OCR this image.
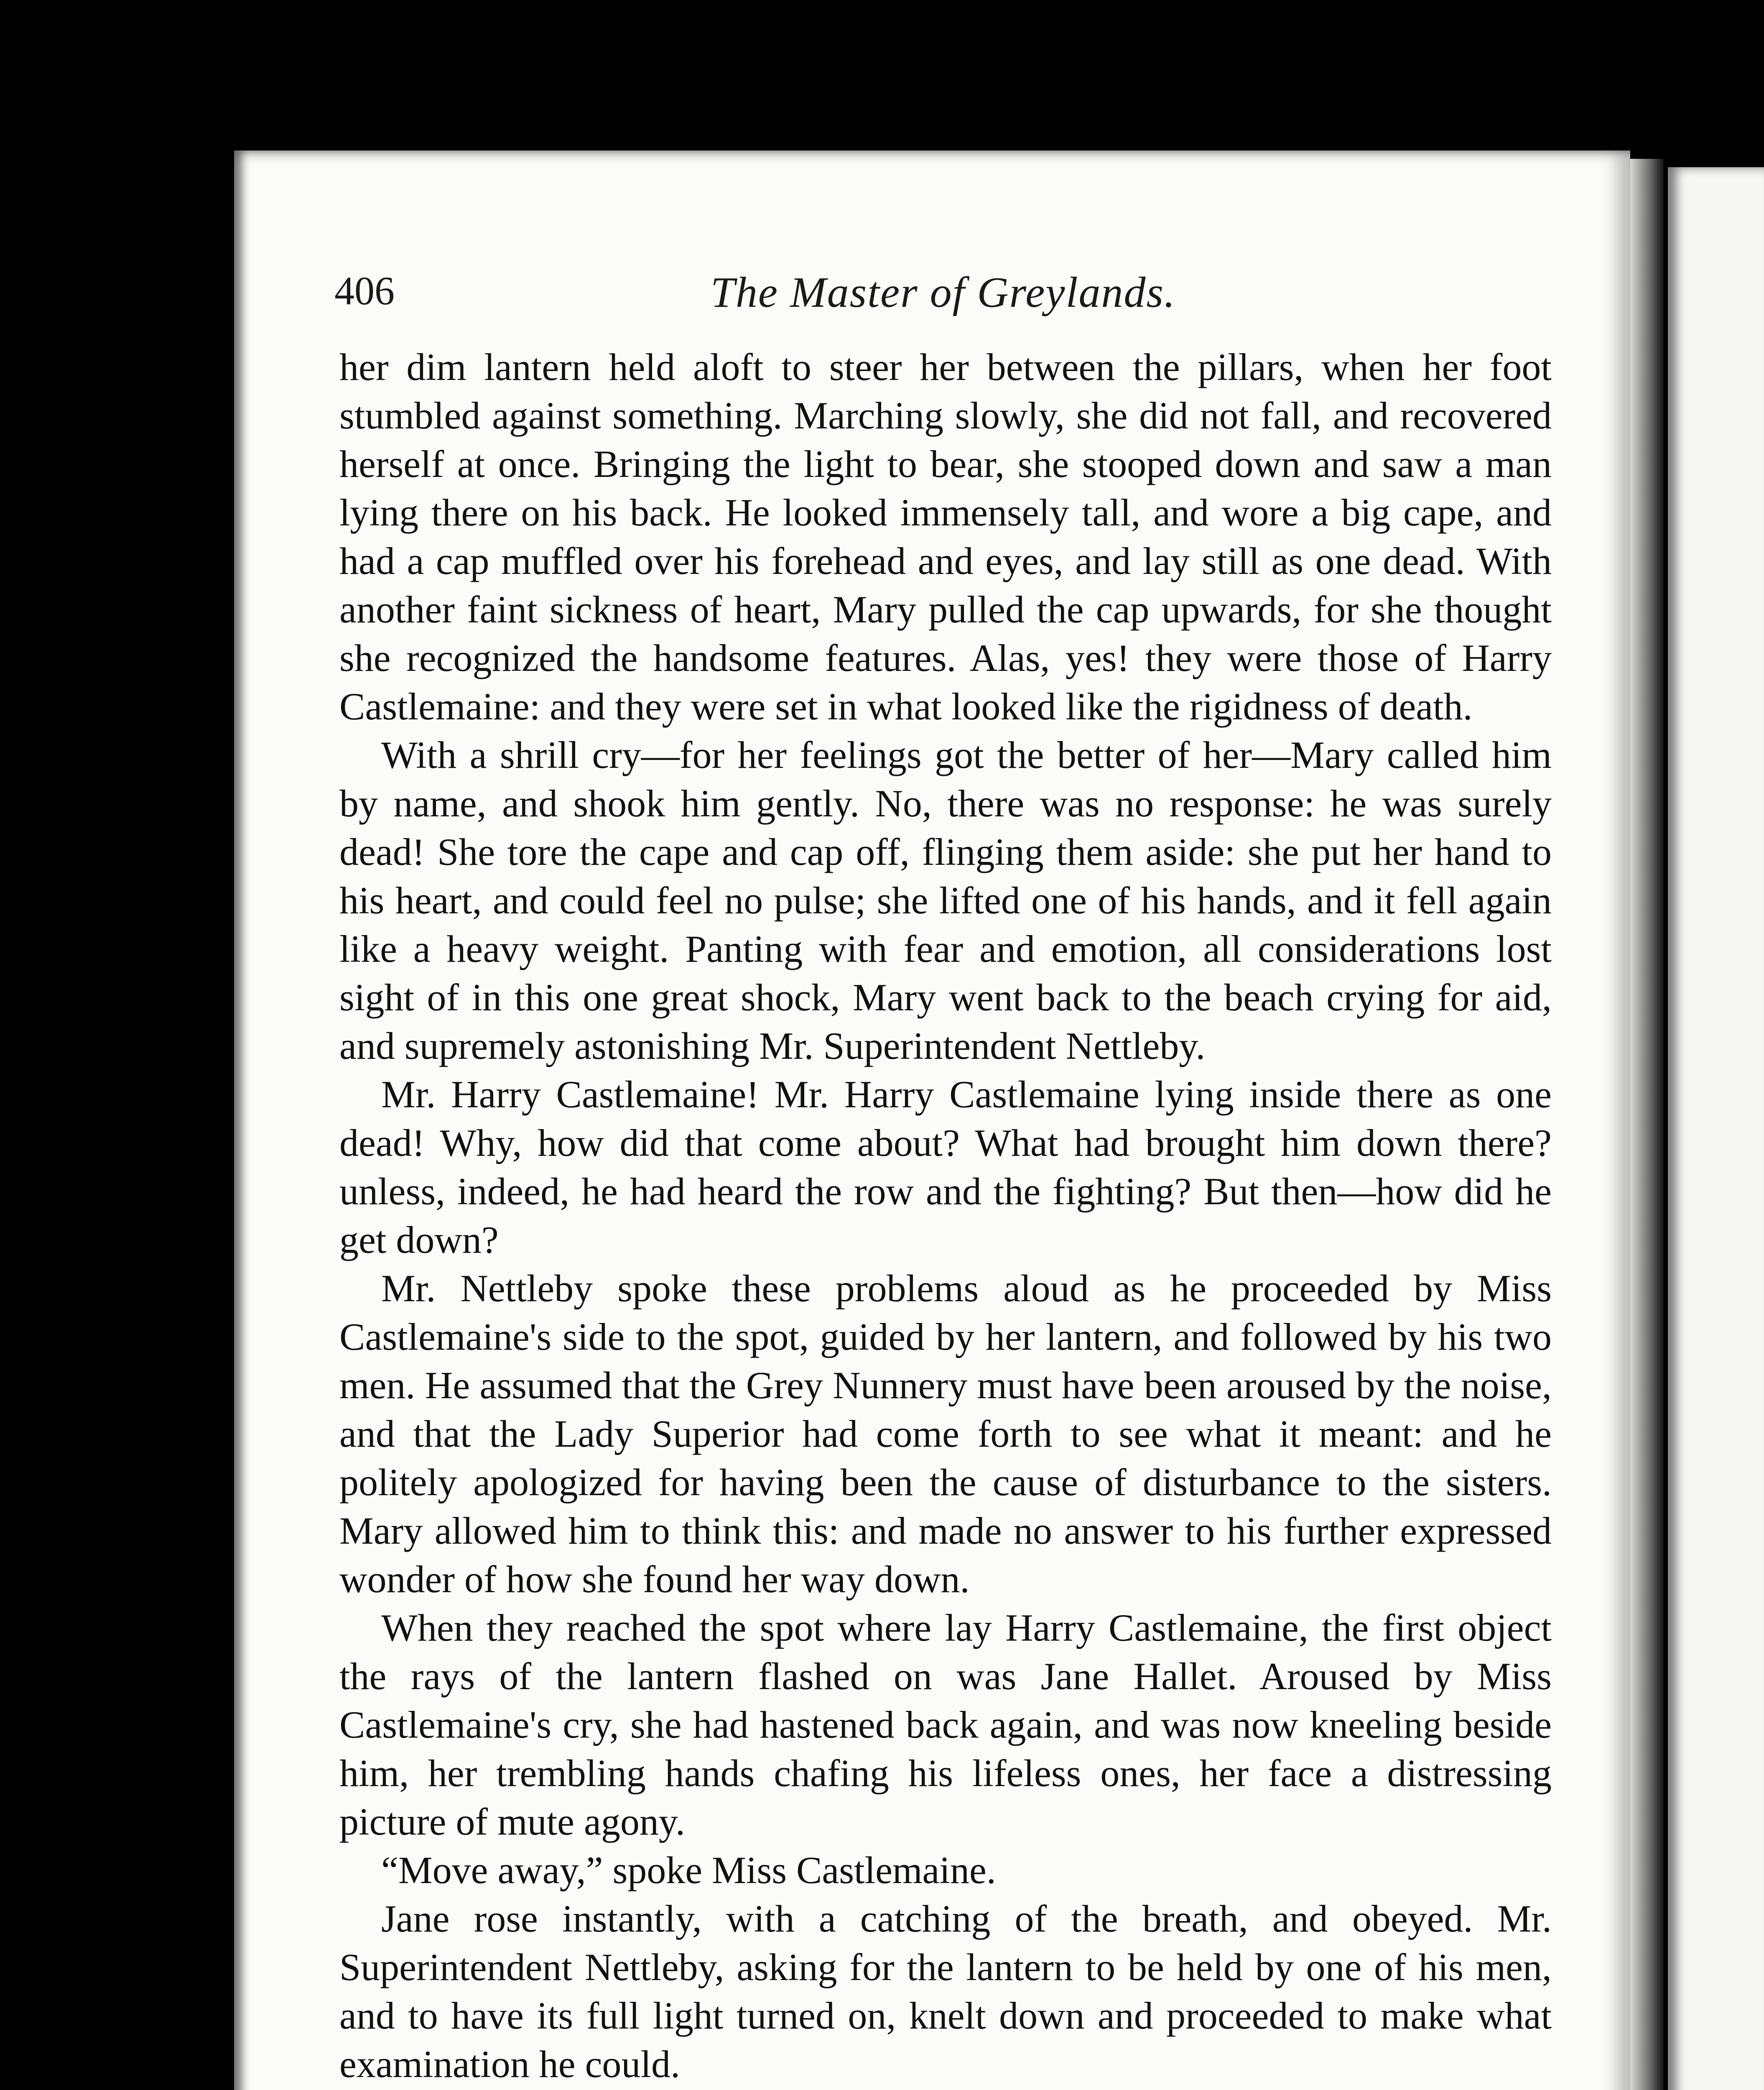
406	The Master of Greylands.

her dim lantern held aloft to steer her between the pillars, when her foot stumbled against something. Marching slowly, she did not fall, and recovered herself at once. Bringing the light to bear, she stooped down and saw a man lying there on his back. He looked immensely tall, and wore a big cape, and had a cap muffled over his forehead and eyes, and lay still as one dead. With another faint sickness of heart, Mary pulled the cap upwards, for she thought she recognized the handsome features. Alas, yes! they were those of Harry Castlemaine: and they were set in what looked like the rigidness of death.

With a shrill cry—for her feelings got the better of her—Mary called him by name, and shook him gently. No, there was no response: he was surely dead! She tore the cape and cap off, flinging them aside: she put her hand to his heart, and could feel no pulse; she lifted one of his hands, and it fell again like a heavy weight. Panting with fear and emotion, all considerations lost sight of in this one great shock, Mary went back to the beach crying for aid, and supremely astonishing Mr. Superintendent Nettleby.

Mr. Harry Castlemaine! Mr. Harry Castlemaine lying inside there as one dead! Why, how did that come about? What had brought him down there? unless, indeed, he had heard the row and the fighting? But then—how did he get down?

Mr. Nettleby spoke these problems aloud as he proceeded by Miss Castlemaine's side to the spot, guided by her lantern, and followed by his two men. He assumed that the Grey Nunnery must have been aroused by the noise, and that the Lady Superior had come forth to see what it meant: and he politely apologized for having been the cause of disturbance to the sisters. Mary allowed him to think this: and made no answer to his further expressed wonder of how she found her way down.

When they reached the spot where lay Harry Castlemaine, the first object the rays of the lantern flashed on was Jane Hallet. Aroused by Miss Castlemaine's cry, she had hastened back again, and was now kneeling beside him, her trembling hands chafing his lifeless ones, her face a distressing picture of mute agony.

“Move away,” spoke Miss Castlemaine.

Jane rose instantly, with a catching of the breath, and obeyed. Mr. Superintendent Nettleby, asking for the lantern to be held by one of his men, and to have its full light turned on, knelt down and proceeded to make what examination he could.
